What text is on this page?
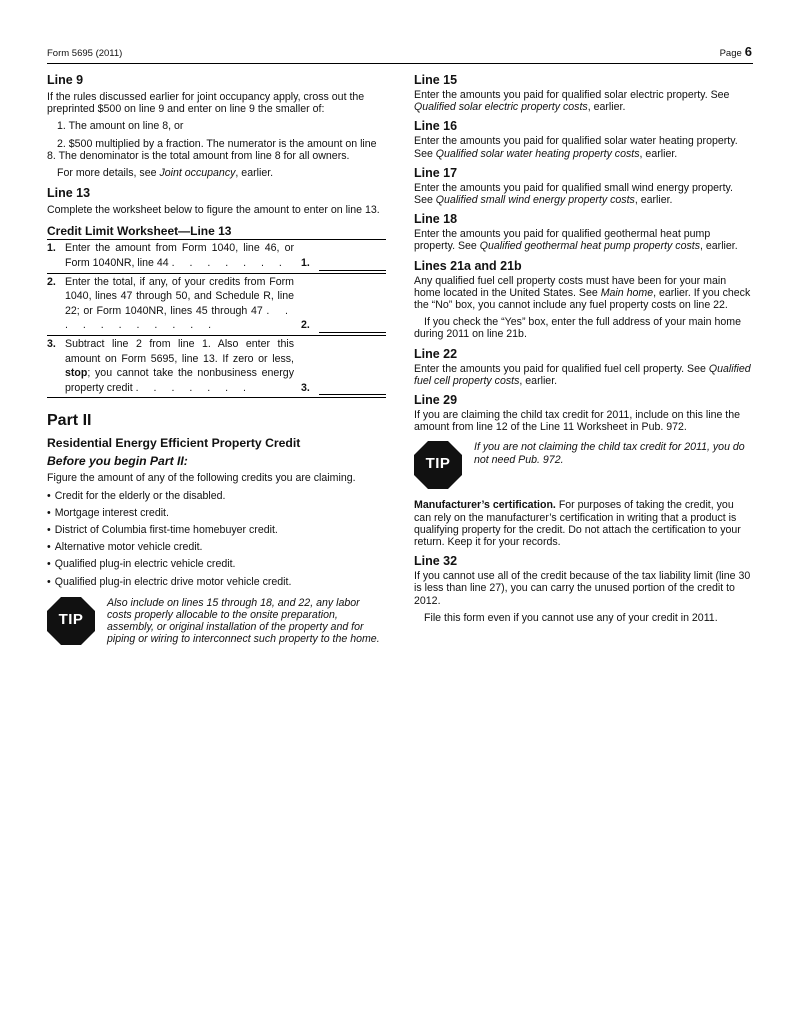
Form 5695 (2011)	Page 6
Line 9

If the rules discussed earlier for joint occupancy apply, cross out the preprinted $500 on line 9 and enter on line 9 the smaller of:

1. The amount on line 8, or

2. $500 multiplied by a fraction. The numerator is the amount on line 8. The denominator is the total amount from line 8 for all owners.

For more details, see Joint occupancy, earlier.

Line 13

Complete the worksheet below to figure the amount to enter on line 13.

Credit Limit Worksheet—Line 13
1. Enter the amount from Form 1040, line 46, or Form 1040NR, line 44 . . . . . . .	1.
2. Enter the total, if any, of your credits from Form 1040, lines 47 through 50, and Schedule R, line 22; or Form 1040NR, lines 45 through 47 . . . . . . . . . . .	2.
3. Subtract line 2 from line 1. Also enter this amount on Form 5695, line 13. If zero or less, stop; you cannot take the nonbusiness energy property credit . . . . . . .	3.
Part II
Residential Energy Efficient Property Credit
Before you begin Part II:

Figure the amount of any of the following credits you are claiming.

• Credit for the elderly or the disabled.
• Mortgage interest credit.
• District of Columbia first-time homebuyer credit.
• Alternative motor vehicle credit.
• Qualified plug-in electric vehicle credit.
• Qualified plug-in electric drive motor vehicle credit.
TIP
Also include on lines 15 through 18, and 22, any labor costs properly allocable to the onsite preparation, assembly, or original installation of the property and for piping or wiring to interconnect such property to the home.
Line 15

Enter the amounts you paid for qualified solar electric property. See Qualified solar electric property costs, earlier.

Line 16

Enter the amounts you paid for qualified solar water heating property. See Qualified solar water heating property costs, earlier.

Line 17

Enter the amounts you paid for qualified small wind energy property. See Qualified small wind energy property costs, earlier.

Line 18

Enter the amounts you paid for qualified geothermal heat pump property. See Qualified geothermal heat pump property costs, earlier.

Lines 21a and 21b

Any qualified fuel cell property costs must have been for your main home located in the United States. See Main home, earlier. If you check the “No” box, you cannot include any fuel property costs on line 22.

If you check the “Yes” box, enter the full address of your main home during 2011 on line 21b.

Line 22

Enter the amounts you paid for qualified fuel cell property. See Qualified fuel cell property costs, earlier.

Line 29

If you are claiming the child tax credit for 2011, include on this line the amount from line 12 of the Line 11 Worksheet in Pub. 972.

TIP
If you are not claiming the child tax credit for 2011, you do not need Pub. 972.

Manufacturer’s certification. For purposes of taking the credit, you can rely on the manufacturer’s certification in writing that a product is qualifying property for the credit. Do not attach the certification to your return. Keep it for your records.

Line 32

If you cannot use all of the credit because of the tax liability limit (line 30 is less than line 27), you can carry the unused portion of the credit to 2012.

File this form even if you cannot use any of your credit in 2011.
